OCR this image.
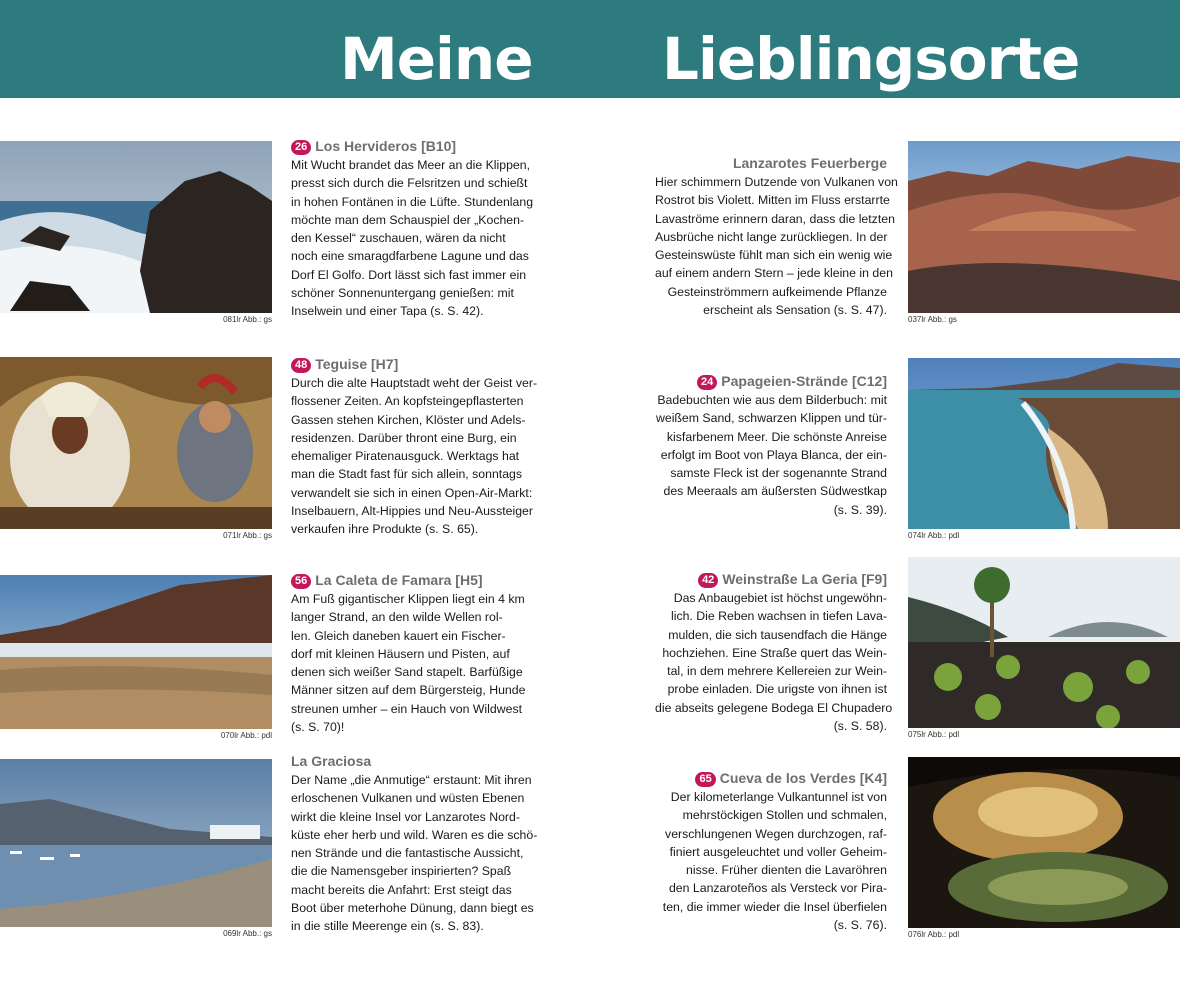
Meine Lieblingsorte
081lr Abb.: gs
071lr Abb.: gs
070lr Abb.: pdl
069lr Abb.: gs
037lr Abb.: gs
074lr Abb.: pdl
075lr Abb.: pdl
076lr Abb.: pdl
26 Los Hervideros [B10]
Mit Wucht brandet das Meer an die Klippen,
presst sich durch die Felsritzen und schießt
in hohen Fontänen in die Lüfte. Stundenlang
möchte man dem Schauspiel der „Kochen-
den Kessel“ zuschauen, wären da nicht
noch eine smaragdfarbene Lagune und das
Dorf El Golfo. Dort lässt sich fast immer ein
schöner Sonnenuntergang genießen: mit
Inselwein und einer Tapa (s. S. 42).
48 Teguise [H7]
Durch die alte Hauptstadt weht der Geist ver-
flossener Zeiten. An kopfsteingepflasterten
Gassen stehen Kirchen, Klöster und Adels-
residenzen. Darüber thront eine Burg, ein
ehemaliger Piratenausguck. Werktags hat
man die Stadt fast für sich allein, sonntags
verwandelt sie sich in einen Open-Air-Markt:
Inselbauern, Alt-Hippies und Neu-Aussteiger
verkaufen ihre Produkte (s. S. 65).
56 La Caleta de Famara [H5]
Am Fuß gigantischer Klippen liegt ein 4 km
langer Strand, an den wilde Wellen rol-
len. Gleich daneben kauert ein Fischer-
dorf mit kleinen Häusern und Pisten, auf
denen sich weißer Sand stapelt. Barfüßige
Männer sitzen auf dem Bürgersteig, Hunde
streunen umher – ein Hauch von Wildwest
(s. S. 70)!
La Graciosa
Der Name „die Anmutige“ erstaunt: Mit ihren
erloschenen Vulkanen und wüsten Ebenen
wirkt die kleine Insel vor Lanzarotes Nord-
küste eher herb und wild. Waren es die schö-
nen Strände und die fantastische Aussicht,
die die Namensgeber inspirierten? Spaß
macht bereits die Anfahrt: Erst steigt das
Boot über meterhohe Dünung, dann biegt es
in die stille Meerenge ein (s. S. 83).
Lanzarotes Feuerberge
Hier schimmern Dutzende von Vulkanen von
Rostrot bis Violett. Mitten im Fluss erstarrte
Lavaströme erinnern daran, dass die letzten
Ausbrüche nicht lange zurückliegen. In der
Gesteinswüste fühlt man sich ein wenig wie
auf einem andern Stern – jede kleine in den
Gesteinströmmern aufkeimende Pflanze
erscheint als Sensation (s. S. 47).
24 Papageien-Strände [C12]
Badebuchten wie aus dem Bilderbuch: mit
weißem Sand, schwarzen Klippen und tür-
kisfarbenem Meer. Die schönste Anreise
erfolgt im Boot von Playa Blanca, der ein-
samste Fleck ist der sogenannte Strand
des Meeraals am äußersten Südwestkap
(s. S. 39).
42 Weinstraße La Geria [F9]
Das Anbaugebiet ist höchst ungewöhn-
lich. Die Reben wachsen in tiefen Lava-
mulden, die sich tausendfach die Hänge
hochziehen. Eine Straße quert das Wein-
tal, in dem mehrere Kellereien zur Wein-
probe einladen. Die urigste von ihnen ist
die abseits gelegene Bodega El Chupadero
(s. S. 58).
65 Cueva de los Verdes [K4]
Der kilometerlange Vulkantunnel ist von
mehrstöckigen Stollen und schmalen,
verschlungenen Wegen durchzogen, raf-
finiert ausgeleuchtet und voller Geheim-
nisse. Früher dienten die Lavaröhren
den Lanzaroteños als Versteck vor Pira-
ten, die immer wieder die Insel überfielen
(s. S. 76).
